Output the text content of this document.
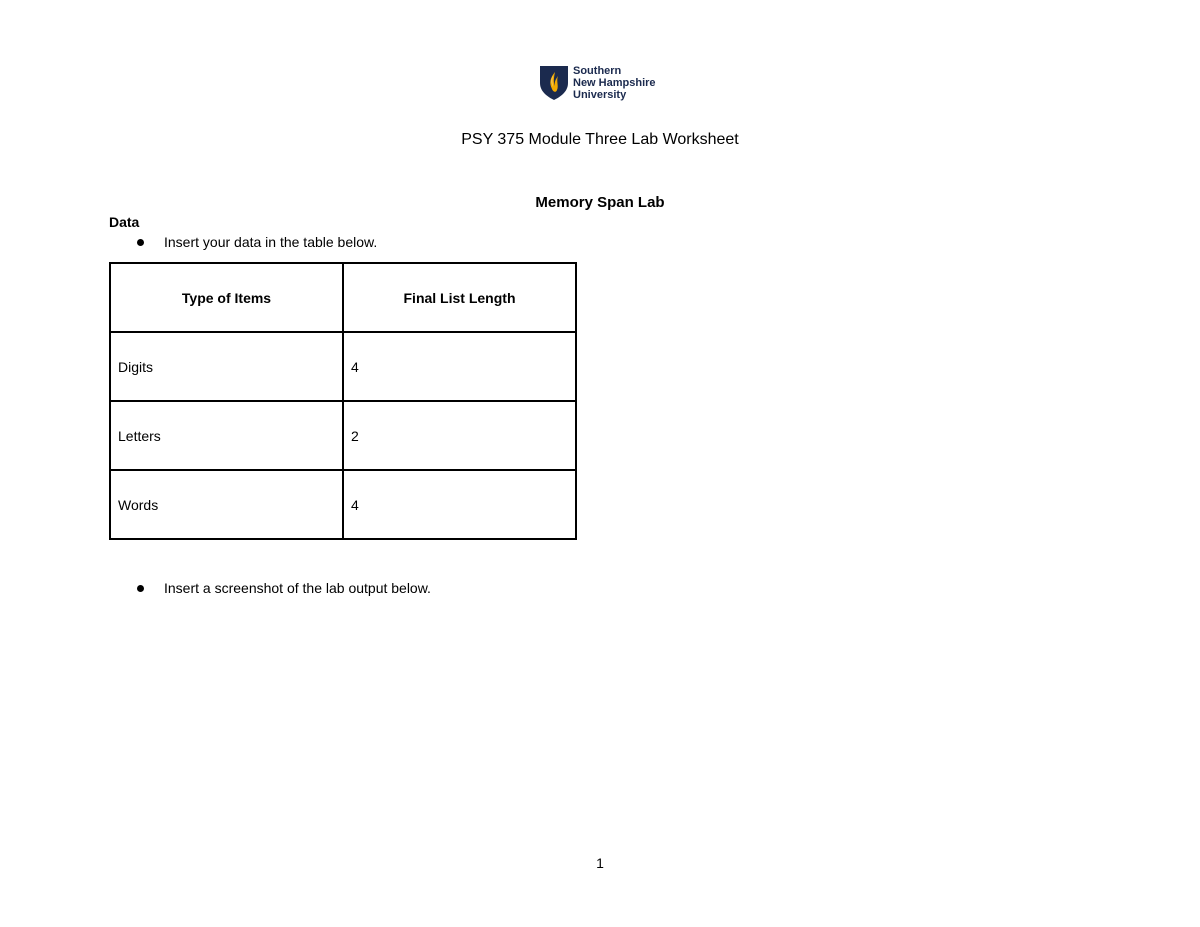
Southern
New Hampshire
University
PSY 375 Module Three Lab Worksheet
Memory Span Lab
Data
Insert your data in the table below.
Type of Items	Final List Length
Digits	4
Letters	2
Words	4
Insert a screenshot of the lab output below.
1
